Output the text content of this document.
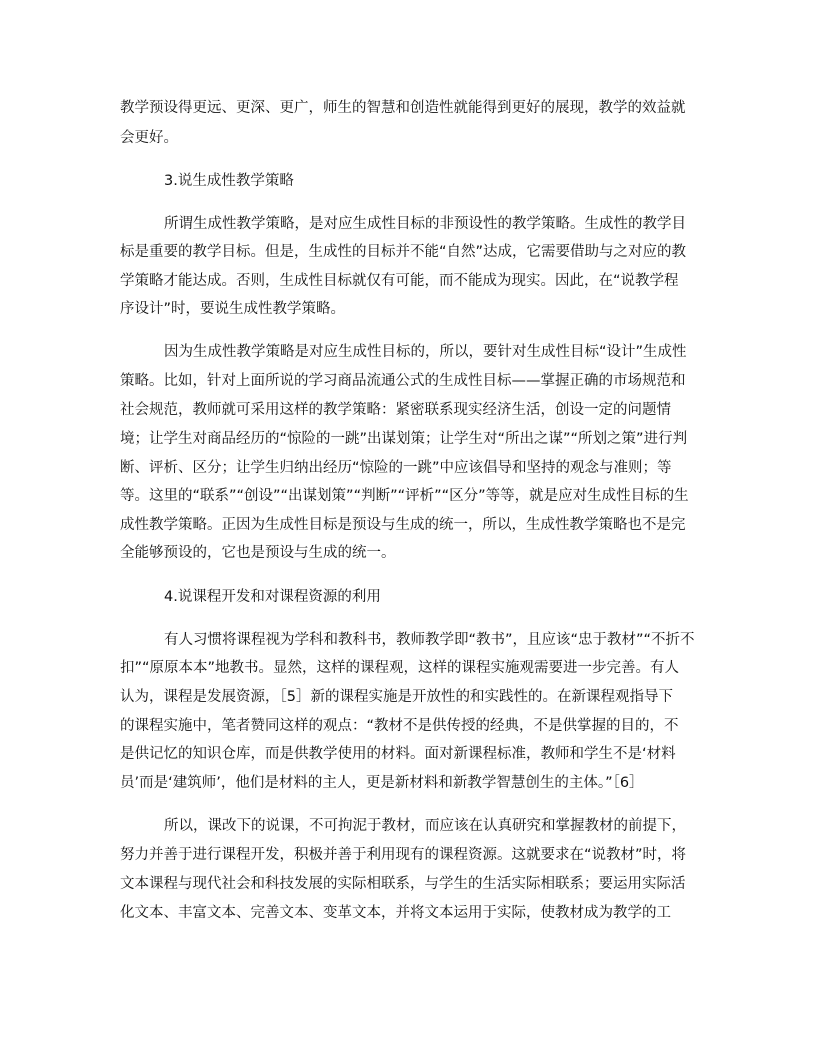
教学预设得更远、更深、更广，师生的智慧和创造性就能得到更好的展现，教学的效益就

会更好。

3.说生成性教学策略

所谓生成性教学策略，是对应生成性目标的非预设性的教学策略。生成性的教学目

标是重要的教学目标。但是，生成性的目标并不能“自然”达成，它需要借助与之对应的教

学策略才能达成。否则，生成性目标就仅有可能，而不能成为现实。因此，在“说教学程

序设计”时，要说生成性教学策略。

因为生成性教学策略是对应生成性目标的，所以，要针对生成性目标“设计”生成性

策略。比如，针对上面所说的学习商品流通公式的生成性目标——掌握正确的市场规范和

社会规范，教师就可采用这样的教学策略：紧密联系现实经济生活，创设一定的问题情

境；让学生对商品经历的“惊险的一跳”出谋划策；让学生对“所出之谋”“所划之策”进行判

断、评析、区分；让学生归纳出经历“惊险的一跳”中应该倡导和坚持的观念与准则；等

等。这里的“联系”“创设”“出谋划策”“判断”“评析”“区分”等等，就是应对生成性目标的生

成性教学策略。正因为生成性目标是预设与生成的统一，所以，生成性教学策略也不是完

全能够预设的，它也是预设与生成的统一。

4.说课程开发和对课程资源的利用

有人习惯将课程视为学科和教科书，教师教学即“教书”，且应该“忠于教材”“不折不

扣”“原原本本”地教书。显然，这样的课程观，这样的课程实施观需要进一步完善。有人

认为，课程是发展资源，［5］新的课程实施是开放性的和实践性的。在新课程观指导下

的课程实施中，笔者赞同这样的观点：“教材不是供传授的经典，不是供掌握的目的，不

是供记忆的知识仓库，而是供教学使用的材料。面对新课程标准，教师和学生不是‘材料

员’而是‘建筑师’，他们是材料的主人，更是新材料和新教学智慧创生的主体。”［6］

所以，课改下的说课，不可拘泥于教材，而应该在认真研究和掌握教材的前提下，

努力并善于进行课程开发，积极并善于利用现有的课程资源。这就要求在“说教材”时，将

文本课程与现代社会和科技发展的实际相联系，与学生的生活实际相联系；要运用实际活

化文本、丰富文本、完善文本、变革文本，并将文本运用于实际，使教材成为教学的工
